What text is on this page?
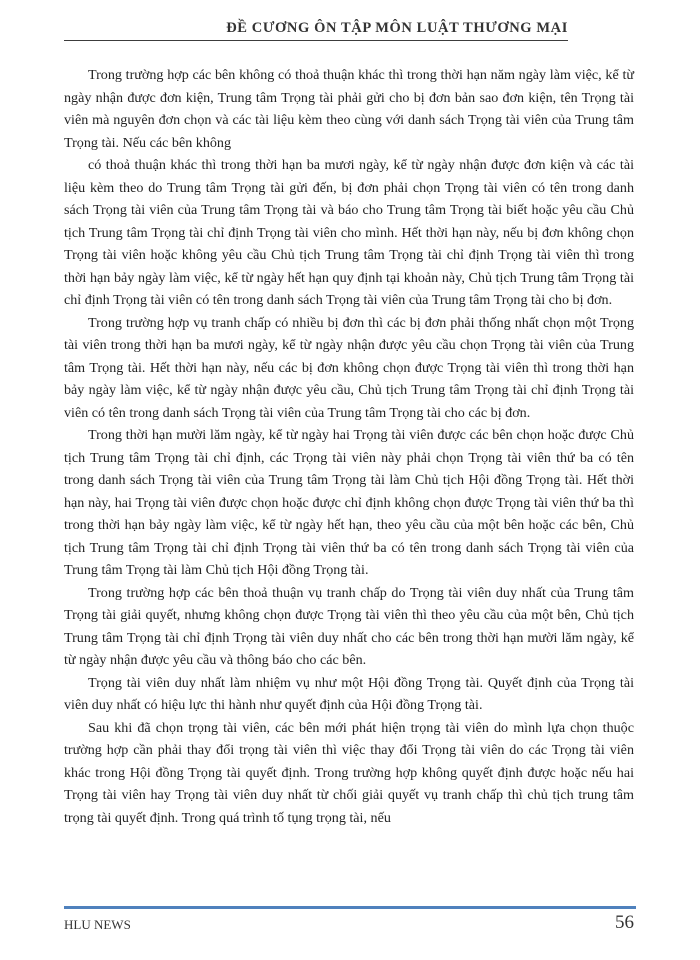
ĐỀ CƯƠNG ÔN TẬP MÔN LUẬT THƯƠNG MẠI

Trong trường hợp các bên không có thoả thuận khác thì trong thời hạn năm ngày làm việc, kể từ ngày nhận được đơn kiện, Trung tâm Trọng tài phải gửi cho bị đơn bản sao đơn kiện, tên Trọng tài viên mà nguyên đơn chọn và các tài liệu kèm theo cùng với danh sách Trọng tài viên của Trung tâm Trọng tài. Nếu các bên không

có thoả thuận khác thì trong thời hạn ba mươi ngày, kể từ ngày nhận được đơn kiện và các tài liệu kèm theo do Trung tâm Trọng tài gửi đến, bị đơn phải chọn Trọng tài viên có tên trong danh sách Trọng tài viên của Trung tâm Trọng tài và báo cho Trung tâm Trọng tài biết hoặc yêu cầu Chủ tịch Trung tâm Trọng tài chỉ định Trọng tài viên cho mình. Hết thời hạn này, nếu bị đơn không chọn Trọng tài viên hoặc không yêu cầu Chủ tịch Trung tâm Trọng tài chỉ định Trọng tài viên thì trong thời hạn bảy ngày làm việc, kể từ ngày hết hạn quy định tại khoản này, Chủ tịch Trung tâm Trọng tài chỉ định Trọng tài viên có tên trong danh sách Trọng tài viên của Trung tâm Trọng tài cho bị đơn.

Trong trường hợp vụ tranh chấp có nhiều bị đơn thì các bị đơn phải thống nhất chọn một Trọng tài viên trong thời hạn ba mươi ngày, kể từ ngày nhận được yêu cầu chọn Trọng tài viên của Trung tâm Trọng tài. Hết thời hạn này, nếu các bị đơn không chọn được Trọng tài viên thì trong thời hạn bảy ngày làm việc, kể từ ngày nhận được yêu cầu, Chủ tịch Trung tâm Trọng tài chỉ định Trọng tài viên có tên trong danh sách Trọng tài viên của Trung tâm Trọng tài cho các bị đơn.

Trong thời hạn mười lăm ngày, kể từ ngày hai Trọng tài viên được các bên chọn hoặc được Chủ tịch Trung tâm Trọng tài chỉ định, các Trọng tài viên này phải chọn Trọng tài viên thứ ba có tên trong danh sách Trọng tài viên của Trung tâm Trọng tài làm Chủ tịch Hội đồng Trọng tài. Hết thời hạn này, hai Trọng tài viên được chọn hoặc được chỉ định không chọn được Trọng tài viên thứ ba thì trong thời hạn bảy ngày làm việc, kể từ ngày hết hạn, theo yêu cầu của một bên hoặc các bên, Chủ tịch Trung tâm Trọng tài chỉ định Trọng tài viên thứ ba có tên trong danh sách Trọng tài viên của Trung tâm Trọng tài làm Chủ tịch Hội đồng Trọng tài.

Trong trường hợp các bên thoả thuận vụ tranh chấp do Trọng tài viên duy nhất của Trung tâm Trọng tài giải quyết, nhưng không chọn được Trọng tài viên thì theo yêu cầu của một bên, Chủ tịch Trung tâm Trọng tài chỉ định Trọng tài viên duy nhất cho các bên trong thời hạn mười lăm ngày, kể từ ngày nhận được yêu cầu và thông báo cho các bên.

Trọng tài viên duy nhất làm nhiệm vụ như một Hội đồng Trọng tài. Quyết định của Trọng tài viên duy nhất có hiệu lực thi hành như quyết định của Hội đồng Trọng tài.

Sau khi đã chọn trọng tài viên, các bên mới phát hiện trọng tài viên do mình lựa chọn thuộc trường hợp cần phải thay đổi trọng tài viên thì việc thay đổi Trọng tài viên do các Trọng tài viên khác trong Hội đồng Trọng tài quyết định. Trong trường hợp không quyết định được hoặc nếu hai Trọng tài viên hay Trọng tài viên duy nhất từ chối giải quyết vụ tranh chấp thì chủ tịch trung tâm trọng tài quyết định. Trong quá trình tố tụng trọng tài, nếu

HLU NEWS	56
